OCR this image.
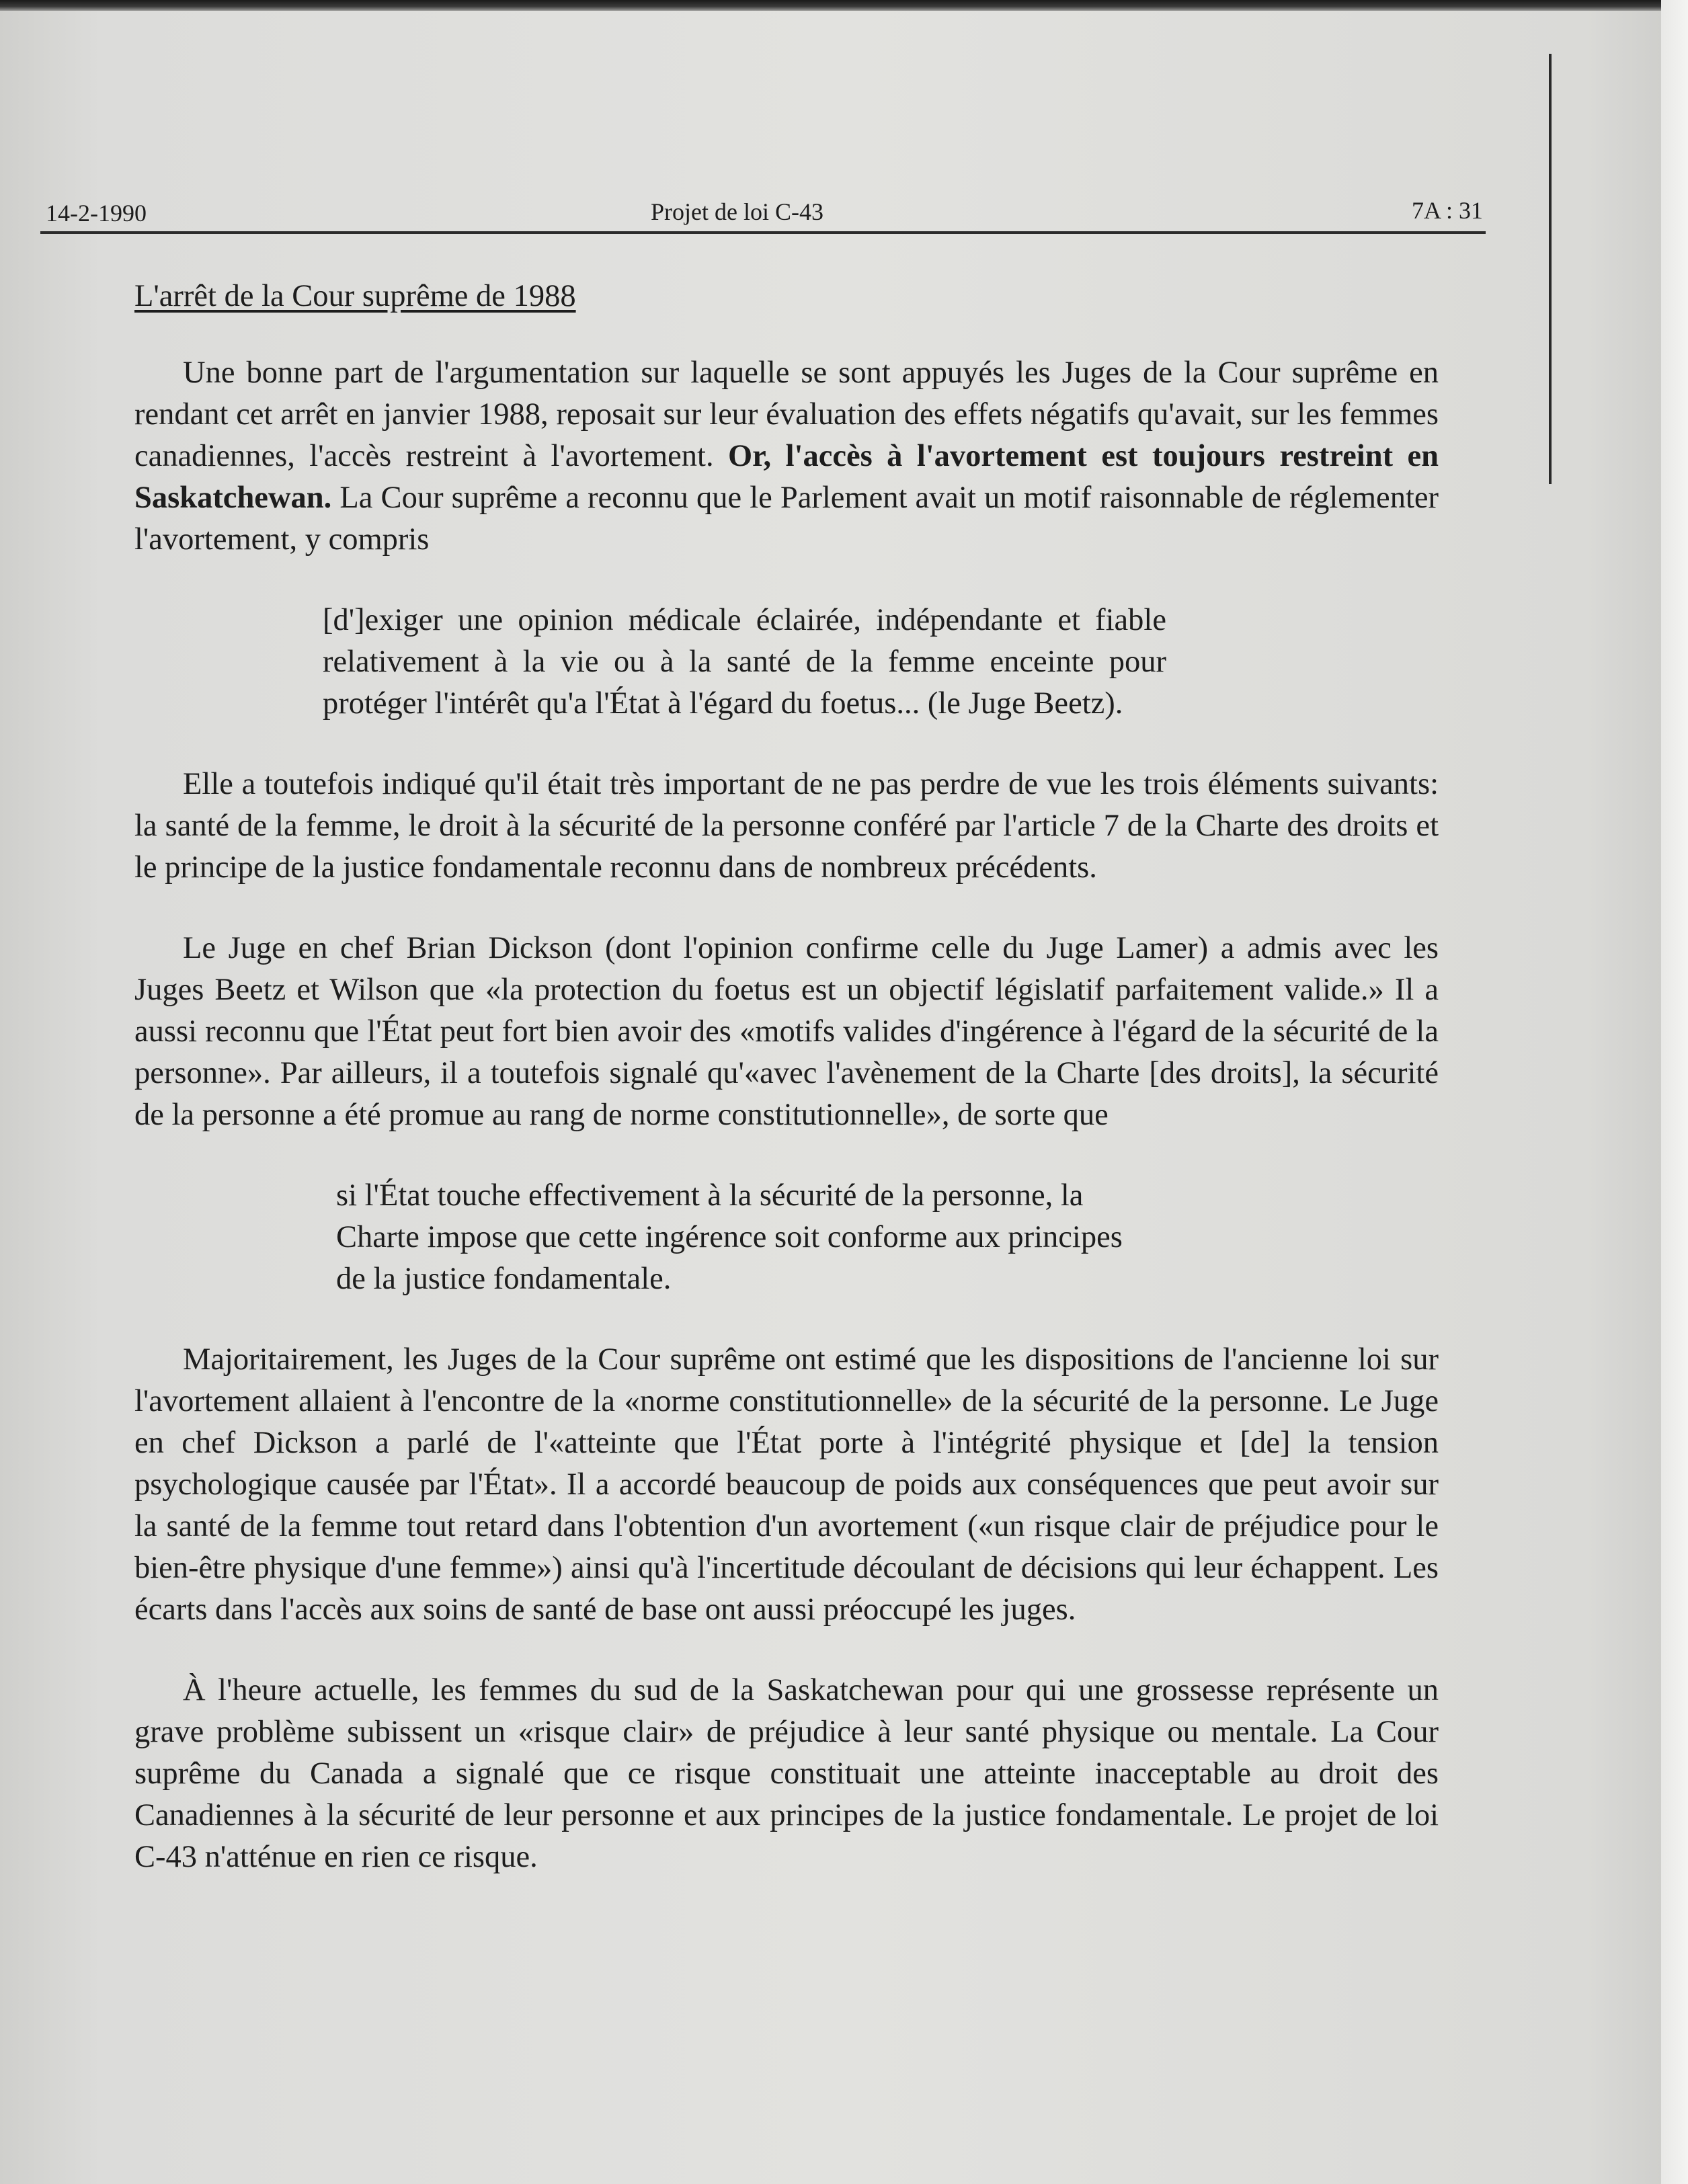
14-2-1990	Projet de loi C-43	7A : 31
L'arrêt de la Cour suprême de 1988

Une bonne part de l'argumentation sur laquelle se sont appuyés les Juges de la Cour suprême en rendant cet arrêt en janvier 1988, reposait sur leur évaluation des effets négatifs qu'avait, sur les femmes canadiennes, l'accès restreint à l'avortement. Or, l'accès à l'avortement est toujours restreint en Saskatchewan. La Cour suprême a reconnu que le Parlement avait un motif raisonnable de réglementer l'avortement, y compris

[d']exiger une opinion médicale éclairée, indépendante et fiable relativement à la vie ou à la santé de la femme enceinte pour protéger l'intérêt qu'a l'État à l'égard du foetus... (le Juge Beetz).

Elle a toutefois indiqué qu'il était très important de ne pas perdre de vue les trois éléments suivants: la santé de la femme, le droit à la sécurité de la personne conféré par l'article 7 de la Charte des droits et le principe de la justice fondamentale reconnu dans de nombreux précédents.

Le Juge en chef Brian Dickson (dont l'opinion confirme celle du Juge Lamer) a admis avec les Juges Beetz et Wilson que «la protection du foetus est un objectif législatif parfaitement valide.» Il a aussi reconnu que l'État peut fort bien avoir des «motifs valides d'ingérence à l'égard de la sécurité de la personne». Par ailleurs, il a toutefois signalé qu'«avec l'avènement de la Charte [des droits], la sécurité de la personne a été promue au rang de norme constitutionnelle», de sorte que

si l'État touche effectivement à la sécurité de la personne, la
Charte impose que cette ingérence soit conforme aux principes
de la justice fondamentale.

Majoritairement, les Juges de la Cour suprême ont estimé que les dispositions de l'ancienne loi sur l'avortement allaient à l'encontre de la «norme constitutionnelle» de la sécurité de la personne. Le Juge en chef Dickson a parlé de l'«atteinte que l'État porte à l'intégrité physique et [de] la tension psychologique causée par l'État». Il a accordé beaucoup de poids aux conséquences que peut avoir sur la santé de la femme tout retard dans l'obtention d'un avortement («un risque clair de préjudice pour le bien-être physique d'une femme») ainsi qu'à l'incertitude découlant de décisions qui leur échappent. Les écarts dans l'accès aux soins de santé de base ont aussi préoccupé les juges.

À l'heure actuelle, les femmes du sud de la Saskatchewan pour qui une grossesse représente un grave problème subissent un «risque clair» de préjudice à leur santé physique ou mentale. La Cour suprême du Canada a signalé que ce risque constituait une atteinte inacceptable au droit des Canadiennes à la sécurité de leur personne et aux principes de la justice fondamentale. Le projet de loi C-43 n'atténue en rien ce risque.
